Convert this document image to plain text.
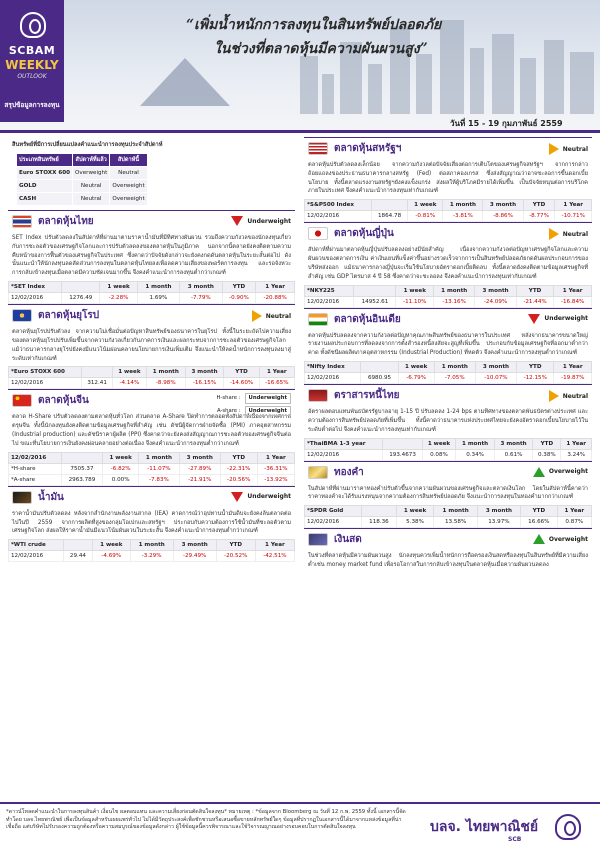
SCBAM
WEEKLY
OUTLOOK
สรุปข้อมูลการลงทุน
“เพิ่มน้ำหนักการลงทุนในสินทรัพย์ปลอดภัย
ในช่วงที่ตลาดหุ้นมีความผันผวนสูง”
วันที่ 15 - 19 กุมภาพันธ์ 2559
สินทรัพย์ที่มีการเปลี่ยนแปลงคำแนะนำการลงทุนประจำสัปดาห์
ประเภทสินทรัพย์	สัปดาห์ที่แล้ว	สัปดาห์นี้
Euro STOXX 600	Overweight	Neutral
GOLD	Neutral	Overweight
CASH	Neutral	Overweight
ตลาดหุ้นไทย	Underweight
SET Index ปรับตัวลดลงในสัปดาห์ที่ผ่านมาตามราคาน้ำมันที่มีทิศทางผันผวน รวมถึงความกังวลของนักลงทุนเกี่ยวกับการชะลอตัวของเศรษฐกิจโลกและการปรับตัวลดลงของตลาดหุ้นในภูมิภาค นอกจากนี้ตลาดยังคงติดตามความคืบหน้าของการฟื้นตัวของเศรษฐกิจในประเทศ ซึ่งคาดว่าปัจจัยดังกล่าวจะยังคงกดดันตลาดหุ้นในระยะสั้นต่อไป ดังนั้นแนะนำให้นักลงทุนลดสัดส่วนการลงทุนในตลาดหุ้นไทยลงเพื่อลดความเสี่ยงของพอร์ตการลงทุน และรอจังหวะการกลับเข้าลงทุนเมื่อตลาดมีความชัดเจนมากขึ้น จึงคงคำแนะนำการลงทุนต่ำกว่าเกณฑ์
*SET Index		1 week	1 month	3 month	YTD	1 Year
12/02/2016	1276.49	-2.28%	1.69%	-7.79%	-0.90%	-20.88%
ตลาดหุ้นยุโรป	Neutral
ตลาดหุ้นยุโรปปรับตัวลง จากความไม่เชื่อมั่นต่อปัญหาสินทรัพย์ของธนาคารในยุโรป ทั้งนี้ในระยะถัดไปความเสี่ยงของตลาดหุ้นยุโรปปรับเพิ่มขึ้นจากความกังวลเกี่ยวกับภาคการเงินและผลกระทบจากการชะลอตัวของเศรษฐกิจโลก แม้ว่าธนาคารกลางยุโรปยังคงมีแนวโน้มผ่อนคลายนโยบายการเงินเพิ่มเติม จึงแนะนำให้ลดน้ำหนักการลงทุนลงมาสู่ระดับเท่ากับเกณฑ์
*Euro STOXX 600		1 week	1 month	3 month	YTD	1 Year
12/02/2016	312.41	-4.14%	-8.98%	-16.15%	-14.60%	-16.65%
ตลาดหุ้นจีน	H-share :	Underweight
A-share :	Underweight
ตลาด H-Share ปรับตัวลดลงตามตลาดหุ้นทั่วโลก ส่วนตลาด A-Share ปิดทำการตลอดทั้งสัปดาห์เนื่องจากเทศกาลตรุษจีน ทั้งนี้นักลงทุนยังคงติดตามข้อมูลเศรษฐกิจที่สำคัญ เช่น ดัชนีผู้จัดการฝ่ายจัดซื้อ (PMI) ภาคอุตสาหกรรม (Industrial production) และดัชนีราคาผู้ผลิต (PPI) ซึ่งคาดว่าจะยังคงส่งสัญญาณการชะลอตัวของเศรษฐกิจจีนต่อไป ขณะที่นโยบายการเงินยังคงผ่อนคลายอย่างต่อเนื่อง จึงคงคำแนะนำการลงทุนต่ำกว่าเกณฑ์
12/02/2016		1 week	1 month	3 month	YTD	1 Year
*H-share	7505.37	-6.82%	-11.07%	-27.89%	-22.31%	-36.31%
*A-share	2963.789	0.00%	-7.83%	-21.91%	-20.56%	-13.92%
น้ำมัน	Underweight
ราคาน้ำมันปรับตัวลดลง หลังจากสำนักงานพลังงานสากล (IEA) คาดการณ์ว่าอุปทานน้ำมันดิบจะยังคงล้นตลาดต่อไปในปี 2559 จากการผลิตที่สูงของกลุ่มโอเปกและสหรัฐฯ ประกอบกับความต้องการใช้น้ำมันที่ชะลอตัวตามเศรษฐกิจโลก ส่งผลให้ราคาน้ำมันมีแนวโน้มผันผวนในระยะสั้น จึงคงคำแนะนำการลงทุนต่ำกว่าเกณฑ์
*WTI crude		1 week	1 month	3 month	YTD	1 Year
12/02/2016	29.44	-4.69%	-3.29%	-29.49%	-20.52%	-42.51%
ตลาดหุ้นสหรัฐฯ	Neutral
ตลาดหุ้นปรับตัวลดลงเล็กน้อย จากความกังวลต่อปัจจัยเสี่ยงต่อการเติบโตของเศรษฐกิจสหรัฐฯ จากการกล่าวถ้อยแถลงของประธานธนาคารกลางสหรัฐ (Fed) ต่อสภาคองเกรส ซึ่งส่งสัญญาณว่าอาจชะลอการขึ้นดอกเบี้ยนโยบาย ทั้งนี้ตลาดแรงงานสหรัฐฯยังคงแข็งแกร่ง ส่งผลให้ผู้บริโภคมีรายได้เพิ่มขึ้น เป็นปัจจัยหนุนต่อการบริโภคภายในประเทศ จึงคงคำแนะนำการลงทุนเท่ากับเกณฑ์
*S&P500 Index		1 week	1 month	3 month	YTD	1 Year
12/02/2016	1864.78	-0.81%	-3.81%	-8.86%	-8.77%	-10.71%
ตลาดหุ้นญี่ปุ่น	Neutral
สัปดาห์ที่ผ่านมาตลาดหุ้นญี่ปุ่นปรับลดลงอย่างมีนัยสำคัญ เนื่องจากความกังวลต่อปัญหาเศรษฐกิจโลกและความผันผวนของตลาดการเงิน ค่าเงินเยนที่แข็งค่าขึ้นอย่างรวดเร็วจากการเป็นสินทรัพย์ปลอดภัยกดดันผลประกอบการของบริษัทส่งออก แม้ธนาคารกลางญี่ปุ่นจะเริ่มใช้นโยบายอัตราดอกเบี้ยติดลบ ทั้งนี้ตลาดยังคงติดตามข้อมูลเศรษฐกิจที่สำคัญ เช่น GDP ไตรมาส 4 ปี 58 ซึ่งคาดว่าจะชะลอลง จึงคงคำแนะนำการลงทุนเท่ากับเกณฑ์
*NKY225		1 week	1 month	3 month	YTD	1 Year
12/02/2016	14952.61	-11.10%	-13.16%	-24.09%	-21.44%	-16.84%
ตลาดหุ้นอินเดีย	Underweight
ตลาดหุ้นปรับลดลงจากความกังวลต่อปัญหาคุณภาพสินทรัพย์ของธนาคารในประเทศ หลังจากธนาคารขนาดใหญ่รายงานผลประกอบการที่ลดลงจากการตั้งสำรองหนี้สงสัยจะสูญที่เพิ่มขึ้น ประกอบกับข้อมูลเศรษฐกิจที่ออกมาต่ำกว่าคาด ทั้งดัชนีผลผลิตภาคอุตสาหกรรม (Industrial Production) ที่หดตัว จึงคงคำแนะนำการลงทุนต่ำกว่าเกณฑ์
*Nifty Index		1 week	1 month	3 month	YTD	1 Year
12/02/2016	6980.95	-6.79%	-7.05%	-10.07%	-12.15%	-19.87%
ตราสารหนี้ไทย	Neutral
อัตราผลตอบแทนพันธบัตรรัฐบาลอายุ 1-15 ปี ปรับลดลง 1-24 bps ตามทิศทางของตลาดพันธบัตรต่างประเทศ และความต้องการสินทรัพย์ปลอดภัยที่เพิ่มขึ้น ทั้งนี้คาดว่าธนาคารแห่งประเทศไทยจะยังคงอัตราดอกเบี้ยนโยบายไว้ในระดับต่ำต่อไป จึงคงคำแนะนำการลงทุนเท่ากับเกณฑ์
*ThaiBMA 1-3 year		1 week	1 month	3 month	YTD	1 Year
12/02/2016	193.4673	0.08%	0.34%	0.61%	0.38%	3.24%
ทองคำ	Overweight
ในสัปดาห์ที่ผ่านมาราคาทองคำปรับตัวขึ้นจากความผันผวนของเศรษฐกิจและตลาดเงินโลก โดยในสัปดาห์นี้คาดว่าราคาทองคำจะได้รับแรงหนุนจากความต้องการสินทรัพย์ปลอดภัย จึงแนะนำการลงทุนในทองคำมากกว่าเกณฑ์
*SPDR Gold		1 week	1 month	3 month	YTD	1 Year
12/02/2016	118.36	5.38%	13.58%	13.97%	16.66%	0.87%
เงินสด	Overweight
ในช่วงที่ตลาดหุ้นมีความผันผวนสูง นักลงทุนควรเพิ่มน้ำหนักการถือครองเงินสดหรือลงทุนในสินทรัพย์ที่มีความเสี่ยงต่ำเช่น money market fund เพื่อรอโอกาสในการกลับเข้าลงทุนในตลาดหุ้นเมื่อความผันผวนลดลง
*ดาวน์โหลดคำแนะนำในการลงทุนสินค้า เงื่อนไข ผลตอบแทน และความเสี่ยงก่อนตัดสินใจลงทุน* หมายเหตุ : *ข้อมูลจาก Bloomberg ณ วันที่ 12 ก.พ. 2559 ทั้งนี้ เอกสารนี้จัดทำโดย บลจ.ไทยพาณิชย์ เพื่อเป็นข้อมูลสำหรับเผยแพร่ทั่วไป ไม่ได้มีวัตถุประสงค์เพื่อชักชวนหรือเสนอซื้อขายหลักทรัพย์ใดๆ ข้อมูลที่ปรากฏในเอกสารนี้ได้มาจากแหล่งข้อมูลที่น่าเชื่อถือ แต่บริษัทไม่รับรองความถูกต้องหรือความสมบูรณ์ของข้อมูลดังกล่าว ผู้ใช้ข้อมูลนี้ควรพิจารณาและใช้วิจารณญาณอย่างรอบคอบในการตัดสินใจลงทุน	บลจ. ไทยพาณิชย์
SCB
